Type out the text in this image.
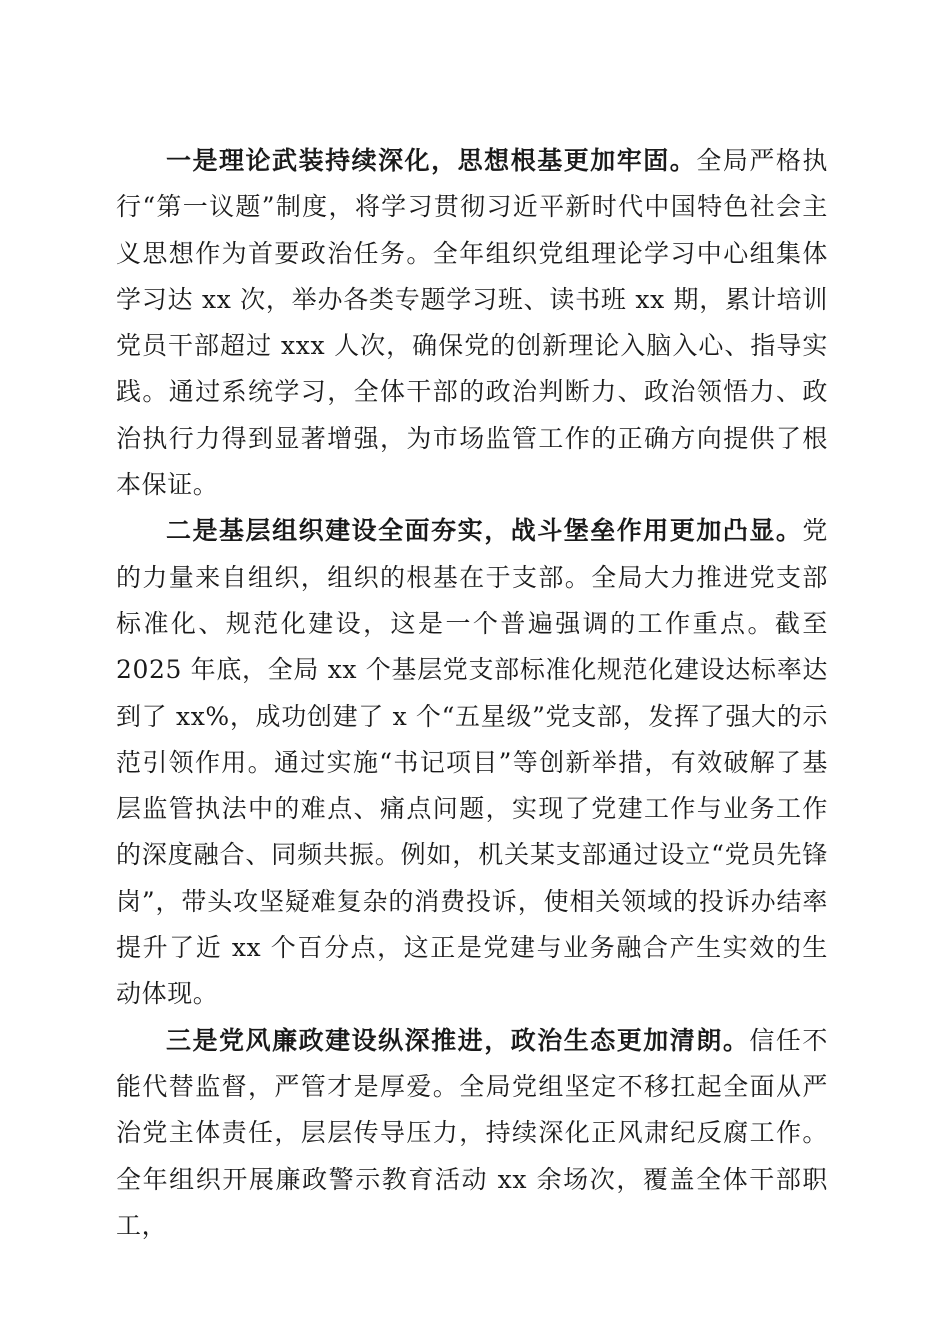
一是理论武装持续深化，思想根基更加牢固。全局严格执行“第一议题”制度，将学习贯彻习近平新时代中国特色社会主义思想作为首要政治任务。全年组织党组理论学习中心组集体学习达 xx 次，举办各类专题学习班、读书班 xx 期，累计培训党员干部超过 xxx 人次，确保党的创新理论入脑入心、指导实践。通过系统学习，全体干部的政治判断力、政治领悟力、政治执行力得到显著增强，为市场监管工作的正确方向提供了根本保证。

二是基层组织建设全面夯实，战斗堡垒作用更加凸显。党的力量来自组织，组织的根基在于支部。全局大力推进党支部标准化、规范化建设，这是一个普遍强调的工作重点。截至 2025 年底，全局 xx 个基层党支部标准化规范化建设达标率达到了 xx%，成功创建了 x 个“五星级”党支部，发挥了强大的示范引领作用。通过实施“书记项目”等创新举措，有效破解了基层监管执法中的难点、痛点问题，实现了党建工作与业务工作的深度融合、同频共振。例如，机关某支部通过设立“党员先锋岗”，带头攻坚疑难复杂的消费投诉，使相关领域的投诉办结率提升了近 xx 个百分点，这正是党建与业务融合产生实效的生动体现。

三是党风廉政建设纵深推进，政治生态更加清朗。信任不能代替监督，严管才是厚爱。全局党组坚定不移扛起全面从严治党主体责任，层层传导压力，持续深化正风肃纪反腐工作。全年组织开展廉政警示教育活动 xx 余场次，覆盖全体干部职工，
